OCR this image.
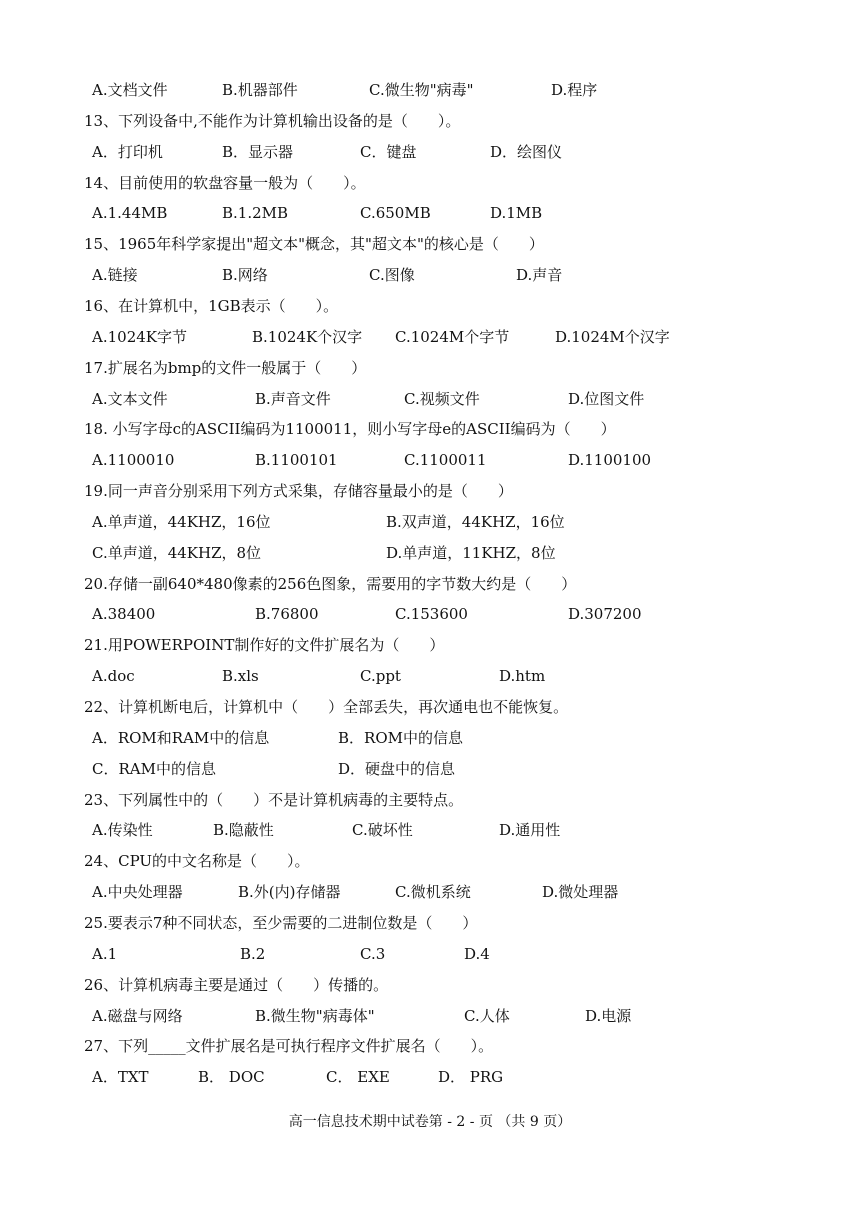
A.文档文件	B.机器部件	C.微生物"病毒"	D.程序
13、下列设备中,不能作为计算机输出设备的是（　　）。
A．打印机	B．显示器	C．键盘	D．绘图仪
14、目前使用的软盘容量一般为（　　）。
A.1.44MB	B.1.2MB	C.650MB	D.1MB
15、1965年科学家提出"超文本"概念，其"超文本"的核心是（　　）
A.链接	B.网络	C.图像	D.声音
16、在计算机中，1GB表示（　　）。
A.1024K字节	B.1024K个汉字 C.1024M个字节	D.1024M个汉字
17.扩展名为bmp的文件一般属于（　　）
A.文本文件	B.声音文件	C.视频文件	D.位图文件
18. 小写字母c的ASCII编码为1100011，则小写字母e的ASCII编码为（　　）
A.1100010	B.1100101	C.1100011	D.1100100
19.同一声音分别采用下列方式采集，存储容量最小的是（　　）
A.单声道，44KHZ，16位	B.双声道，44KHZ，16位
C.单声道，44KHZ，8位	D.单声道，11KHZ，8位
20.存储一副640*480像素的256色图象，需要用的字节数大约是（　　）
A.38400	B.76800	C.153600	D.307200
21.用POWERPOINT制作好的文件扩展名为（　　）
A.doc	B.xls	C.ppt	D.htm
22、计算机断电后，计算机中（　　）全部丢失，再次通电也不能恢复。
A．ROM和RAM中的信息	B．ROM中的信息
C．RAM中的信息	D．硬盘中的信息
23、下列属性中的（　　）不是计算机病毒的主要特点。
A.传染性	B.隐蔽性	C.破坏性	D.通用性
24、CPU的中文名称是（　　）。
A.中央处理器	B.外(内)存储器	C.微机系统	D.微处理器
25.要表示7种不同状态，至少需要的二进制位数是（　　）
A.1	B.2	C.3	D.4
26、计算机病毒主要是通过（　　）传播的。
A.磁盘与网络	B.微生物"病毒体"	C.人体	D.电源
27、下列_____文件扩展名是可执行程序文件扩展名（　　）。
A．TXT	B． DOC	C． EXE	D． PRG
高一信息技术期中试卷第 - 2 - 页 （共 9 页）
